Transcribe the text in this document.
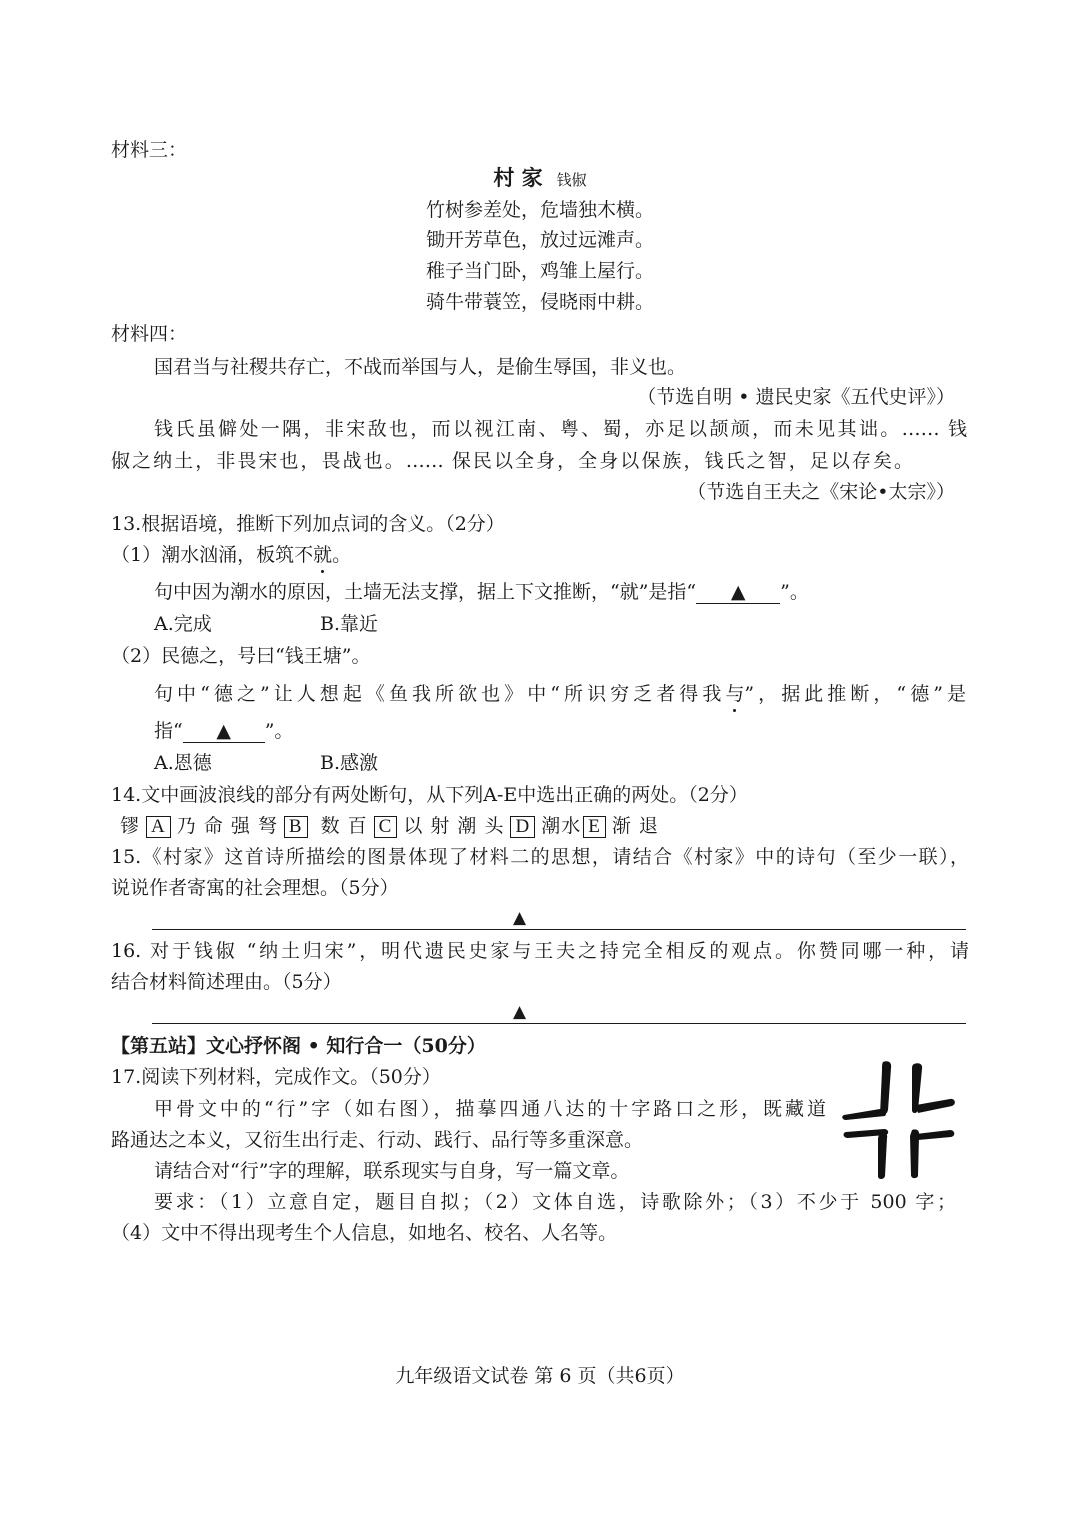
材料三：
村 家 钱俶
竹树参差处，危墙独木横。
锄开芳草色，放过远滩声。
稚子当门卧，鸡雏上屋行。
骑牛带蓑笠，侵晓雨中耕。
材料四：
国君当与社稷共存亡，不战而举国与人，是偷生辱国，非义也。
（节选自明 • 遗民史家《五代史评》）
钱氏虽僻处一隅，非宋敌也，而以视江南、粤、蜀，亦足以颉颃，而未见其诎。…… 钱
俶之纳土，非畏宋也，畏战也。…… 保民以全身，全身以保族，钱氏之智，足以存矣。
（节选自王夫之《宋论•太宗》）
13.根据语境，推断下列加点词的含义。（2分）
（1）潮水汹涌，板筑不就。
句中因为潮水的原因，土墙无法支撑，据上下文推断，“就”是指“ ▲ ”。
A.完成	B.靠近
（2）民德之，号曰“钱王塘”。
句中“德之”让人想起《鱼我所欲也》中“所识穷乏者得我与”，据此推断，“德”是
指“ ▲ ”。
A.恩德	B.感激
14.文中画波浪线的部分有两处断句，从下列A-E中选出正确的两处。（2分）
镠 A 乃 命 强 弩 B 数 百 C 以 射 潮 头 D 潮水 E 渐 退
15.《村家》这首诗所描绘的图景体现了材料二的思想，请结合《村家》中的诗句（至少一联），
说说作者寄寓的社会理想。（5分）
▲
16. 对于钱俶 “纳土归宋”，明代遗民史家与王夫之持完全相反的观点。你赞同哪一种，请
结合材料简述理由。（5分）
▲
【第五站】文心抒怀阁 • 知行合一（50分）
17.阅读下列材料，完成作文。（50分）
甲骨文中的“行”字（如右图），描摹四通八达的十字路口之形，既藏道
路通达之本义，又衍生出行走、行动、践行、品行等多重深意。
请结合对“行”字的理解，联系现实与自身，写一篇文章。
要求：（1）立意自定，题目自拟；（2）文体自选，诗歌除外；（3）不少于 500 字；
（4）文中不得出现考生个人信息，如地名、校名、人名等。
九年级语文试卷 第 6 页（共6页）
